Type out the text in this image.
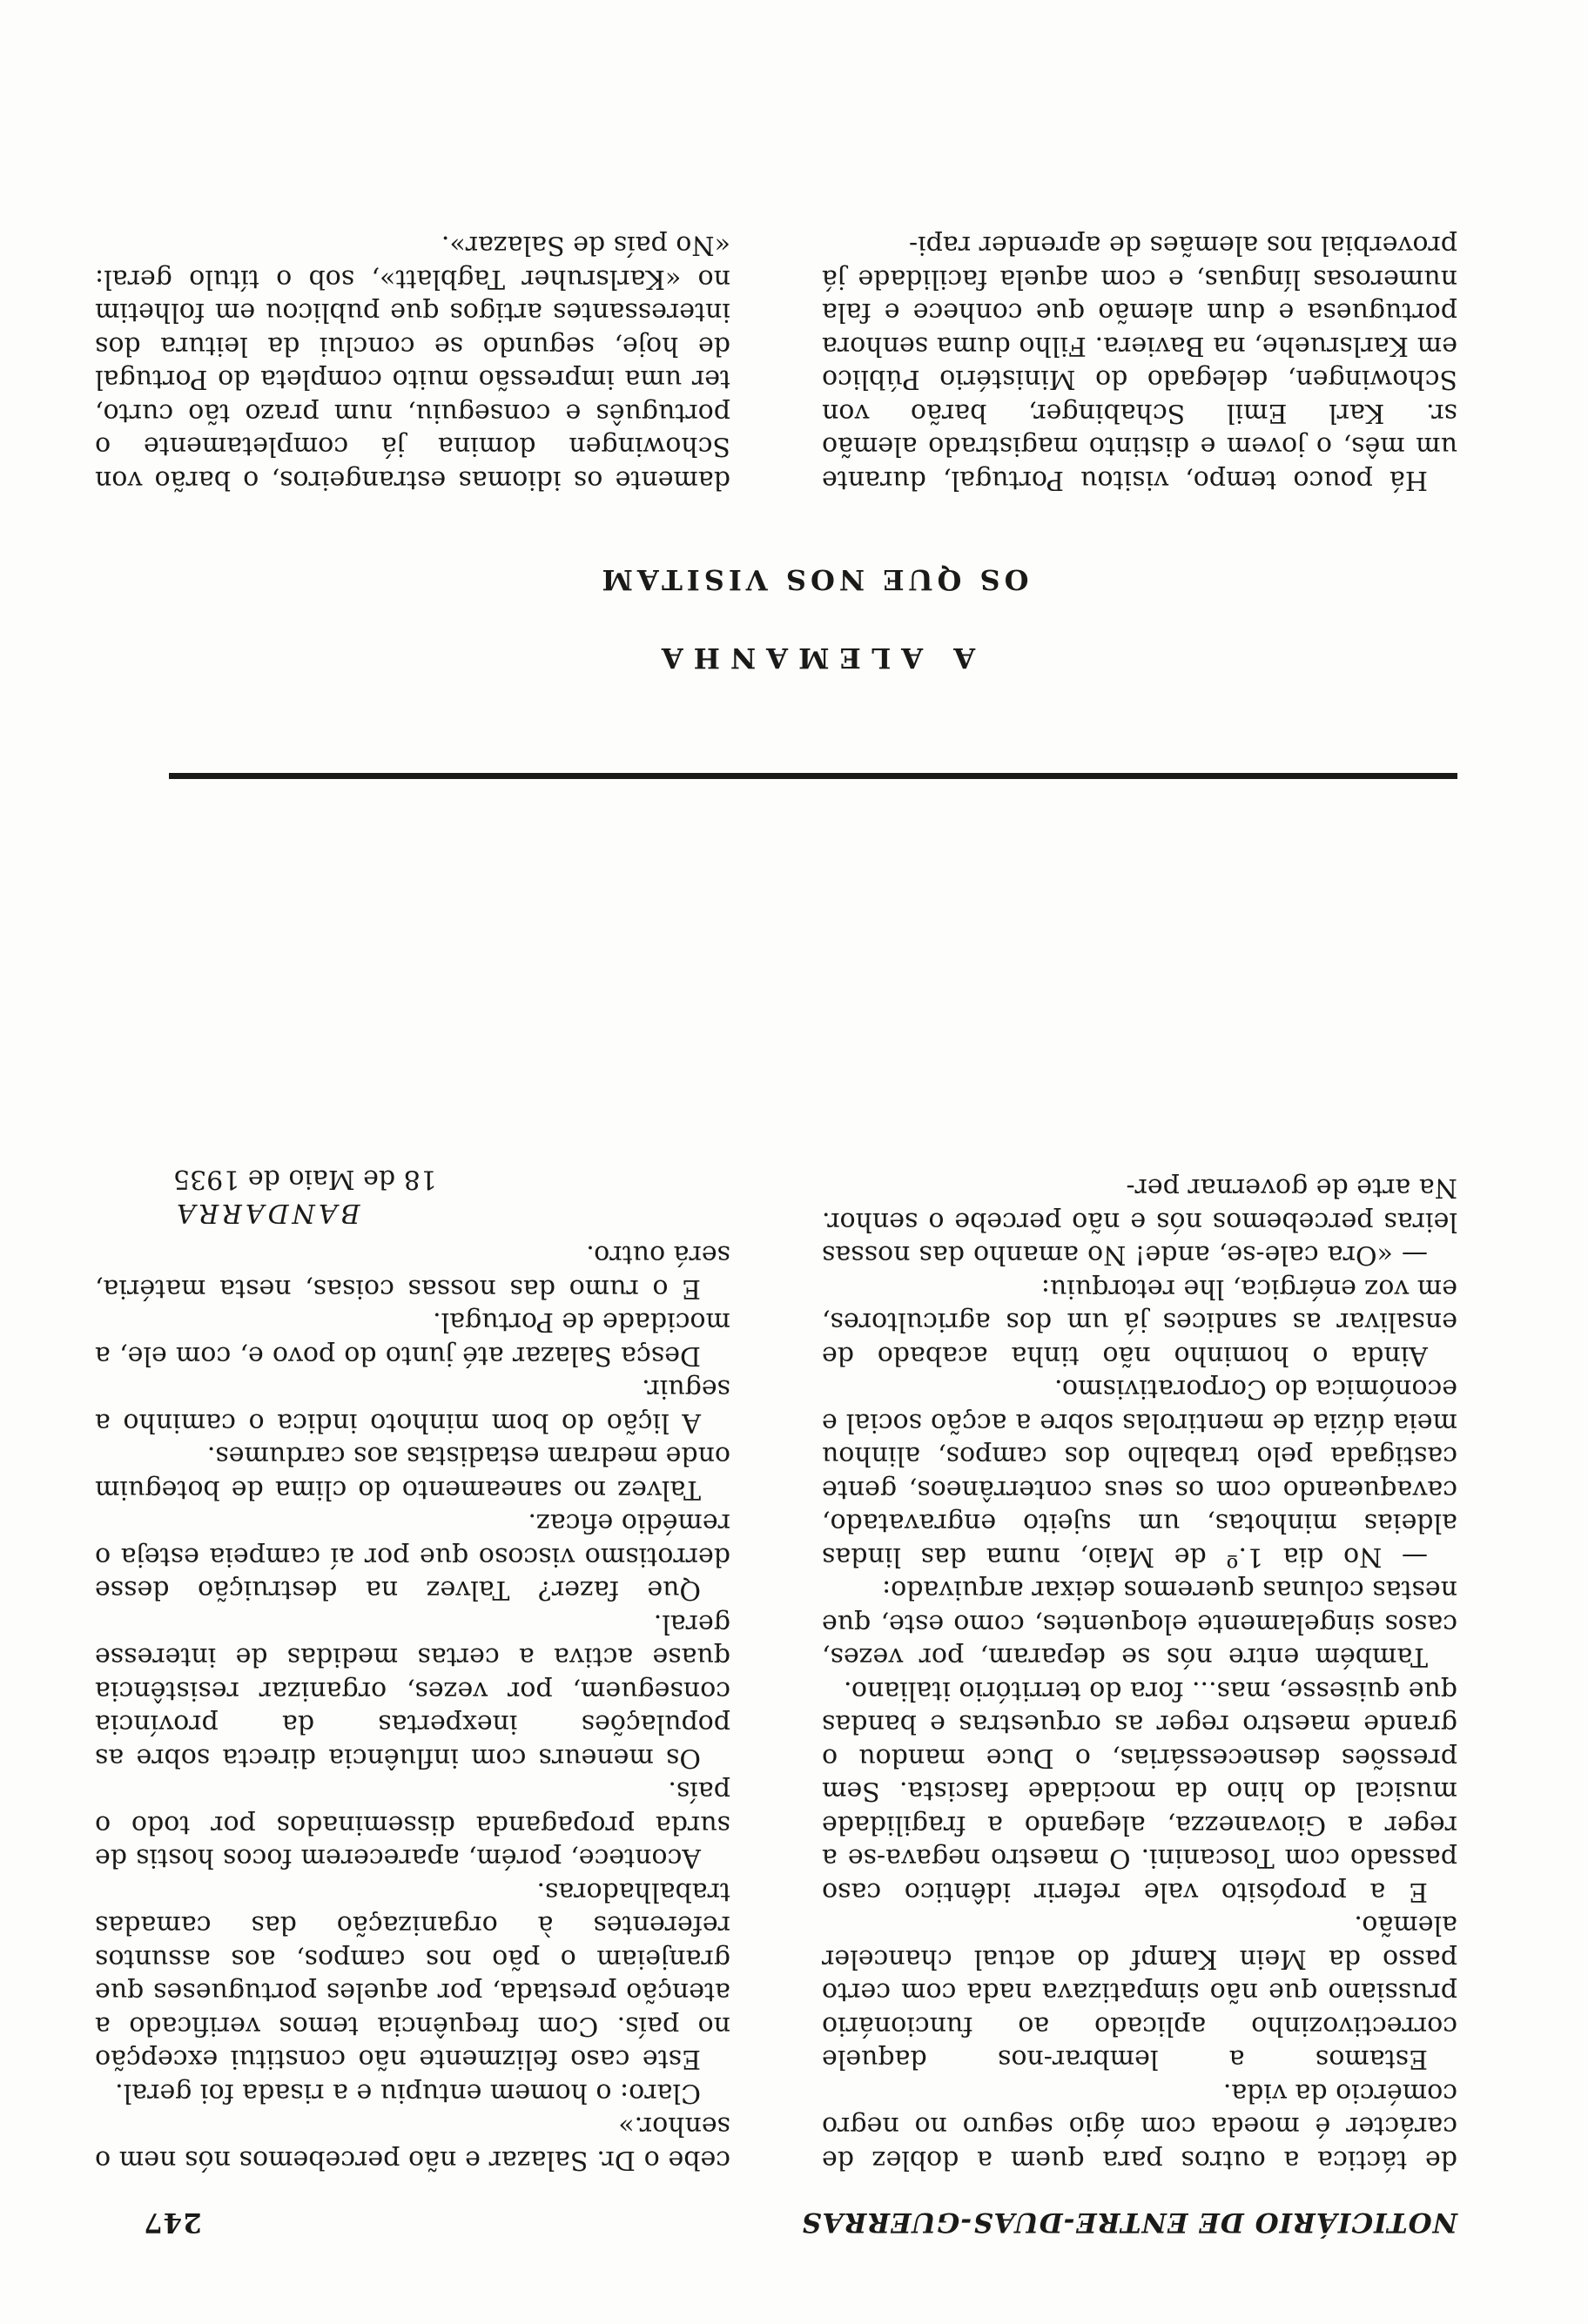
NOTICIÁRIO DE ENTRE-DUAS-GUERRAS
247

de táctica a outros para quem a doblez de carácter é moeda com ágio seguro no negro comércio da vida.

Estamos a lembrar-nos daquele correctivozinho aplicado ao funcionário prussiano que não simpatizava nada com certo passo da Mein Kampf do actual chanceler alemão.

E a propósito vale referir idêntico caso passado com Toscanini. O maestro negava-se a reger a Giovanezza, alegando a fragilidade musical do hino da mocidade fascista. Sem pressões desnecessárias, o Duce mandou o grande maestro reger as orquestras e bandas que quisesse, mas... fora do território italiano.

Também entre nós se deparam, por vezes, casos singelamente eloquentes, como este, que nestas colunas queremos deixar arquivado:

— No dia 1.º de Maio, numa das lindas aldeias minhotas, um sujeito engravatado, cavaqueando com os seus conterrâneos, gente castigada pelo trabalho dos campos, alinhou meia dúzia de mentirolas sobre a acção social e económica do Corporativismo.

Ainda o hominho não tinha acabado de ensalivar as sandices já um dos agricultores, em voz enérgica, lhe retorquiu:

— «Ora cale-se, ande! No amanho das nossas leiras percebemos nós e não percebe o senhor. Na arte de governar per-

cebe o Dr. Salazar e não percebemos nós nem o senhor.»

Claro: o homem entupiu e a risada foi geral.

Este caso felizmente não constitui excepção no país. Com frequência temos verificado a atenção prestada, por aqueles portugueses que granjeiam o pão nos campos, aos assuntos referentes à organização das camadas trabalhadoras.

Acontece, porém, aparecerem focos hostis de surda propaganda disseminados por todo o país.

Os meneurs com influência directa sobre as populações inexpertas da província conseguem, por vezes, organizar resistência quase activa a certas medidas de interesse geral.

Que fazer? Talvez na destruição desse derrotismo viscoso que por aí campeia esteja o remédio eficaz.

Talvez no saneamento do clima de boteguim onde medram estadistas aos cardumes.

A lição do bom minhoto indica o caminho a seguir.

Desça Salazar até junto do povo e, com ele, a mocidade de Portugal.

E o rumo das nossas coisas, nesta matéria, será outro.

BANDARRA

18 de Maio de 1935

A ALEMANHA
OS QUE NOS VISITAM

Há pouco tempo, visitou Portugal, durante um mês, o jovem e distinto magistrado alemão sr. Karl Emil Schabinger, barão von Schowingen, delegado do Ministério Público em Karlsruehe, na Baviera. Filho duma senhora portuguesa e dum alemão que conhece e fala numerosas línguas, e com aquela facilidade já proverbial nos alemães de aprender rapi-

damente os idiomas estrangeiros, o barão von Schowingen domina já completamente o português e conseguiu, num prazo tão curto, ter uma impressão muito completa do Portugal de hoje, segundo se conclui da leitura dos interessantes artigos que publicou em folhetim no «Karlsruher Tagblatt», sob o título geral: «No país de Salazar».
